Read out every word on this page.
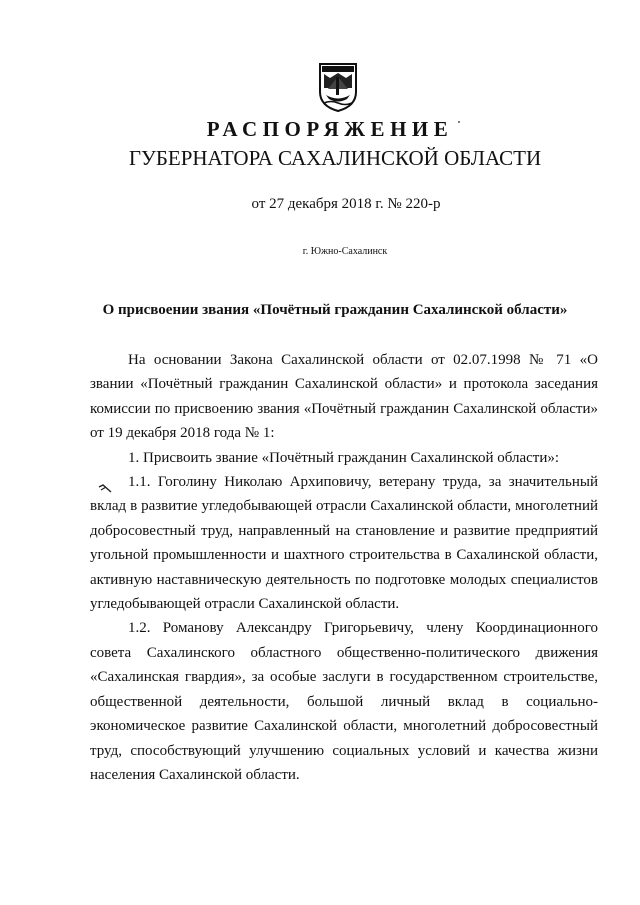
РАСПОРЯЖЕНИЕ
ГУБЕРНАТОРА САХАЛИНСКОЙ ОБЛАСТИ
от 27 декабря 2018 г. № 220-р
г. Южно-Сахалинск
О присвоении звания «Почётный гражданин Сахалинской области»

На основании Закона Сахалинской области от 02.07.1998 № 71 «О звании «Почётный гражданин Сахалинской области» и протокола заседания комиссии по присвоению звания «Почётный гражданин Сахалинской области» от 19 декабря 2018 года № 1:

1. Присвоить звание «Почётный гражданин Сахалинской области»:

1.1. Гоголину Николаю Архиповичу, ветерану труда, за значительный вклад в развитие угледобывающей отрасли Сахалинской области, многолетний добросовестный труд, направленный на становление и развитие предприятий угольной промышленности и шахтного строительства в Сахалинской области, активную наставническую деятельность по подготовке молодых специалистов угледобывающей отрасли Сахалинской области.

1.2. Романову Александру Григорьевичу, члену Координационного совета Сахалинского областного общественно-политического движения «Сахалинская гвардия», за особые заслуги в государственном строительстве, общественной деятельности, большой личный вклад в социально-экономическое развитие Сахалинской области, многолетний добросовестный труд, способствующий улучшению социальных условий и качества жизни населения Сахалинской области.
